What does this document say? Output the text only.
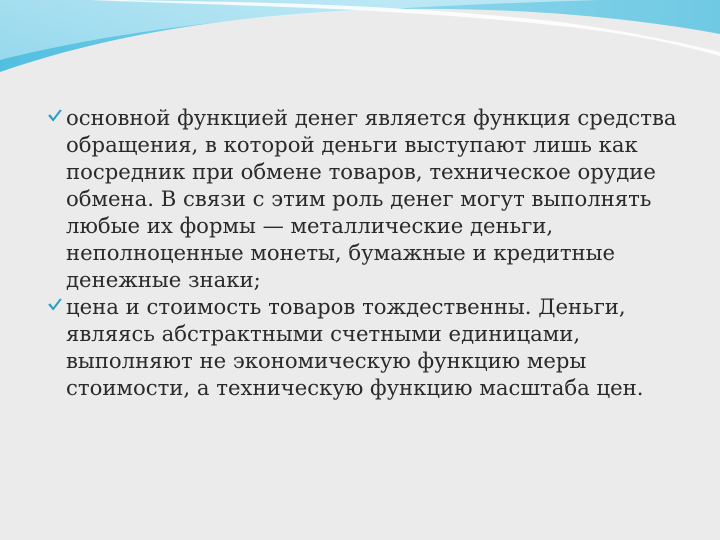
основной функцией денег является функция средства обращения, в которой деньги выступают лишь как посредник при обмене товаров, техническое орудие обмена. В связи с этим роль денег могут выполнять любые их формы — металлические деньги, неполноценные монеты, бумажные и кредитные денежные знаки;
цена и стоимость товаров тождественны. Деньги, являясь абстрактными счетными единицами, выполняют не экономическую функцию меры стоимости, а техническую функцию масштаба цен.
